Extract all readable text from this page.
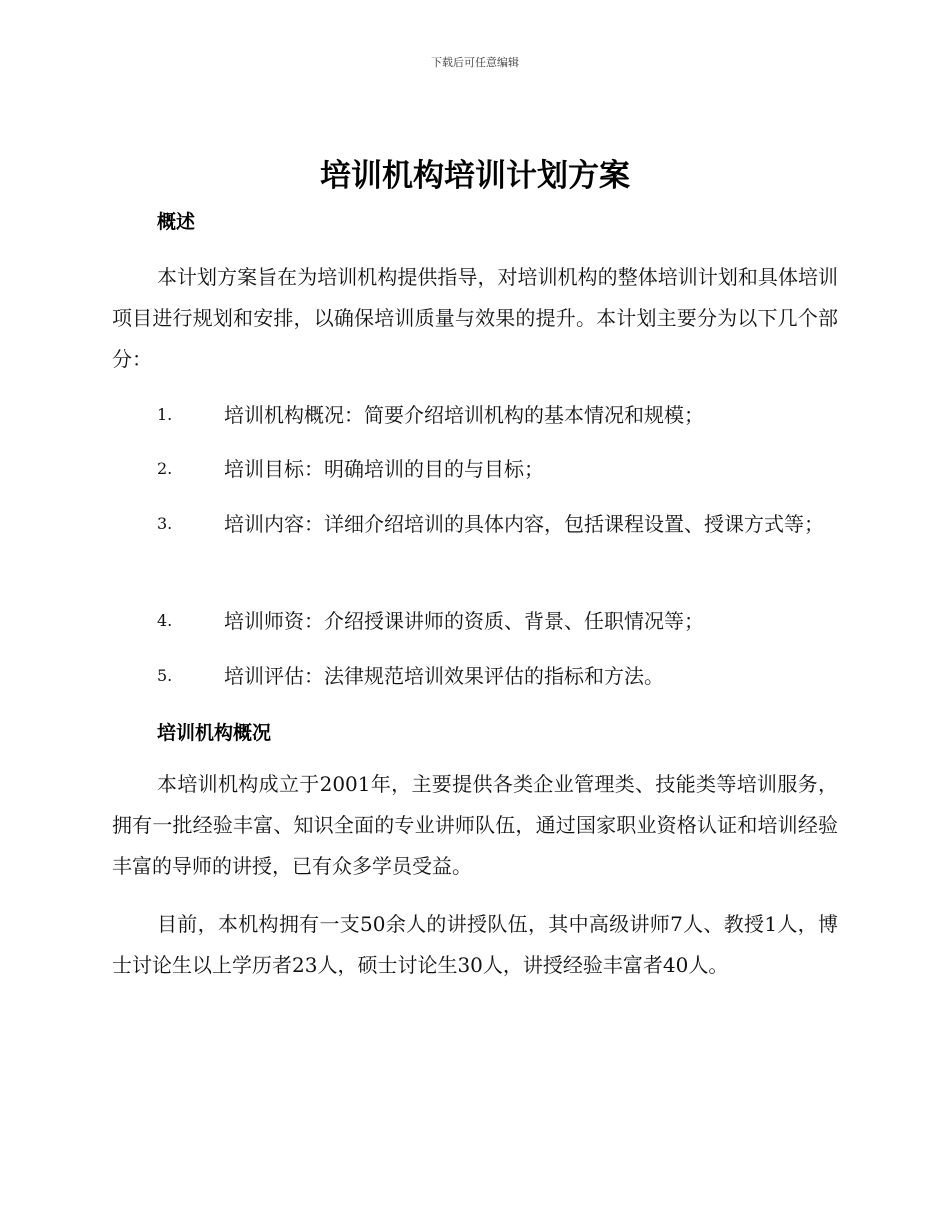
下载后可任意编辑
培训机构培训计划方案
概述
本计划方案旨在为培训机构提供指导，对培训机构的整体培训计划和具体培训项目进行规划和安排，以确保培训质量与效果的提升。本计划主要分为以下几个部分：
1.	培训机构概况：简要介绍培训机构的基本情况和规模；
2.	培训目标：明确培训的目的与目标；
3.	培训内容：详细介绍培训的具体内容，包括课程设置、授课方式等；
4.	培训师资：介绍授课讲师的资质、背景、任职情况等；
5.	培训评估：法律规范培训效果评估的指标和方法。
培训机构概况
本培训机构成立于2001年，主要提供各类企业管理类、技能类等培训服务，拥有一批经验丰富、知识全面的专业讲师队伍，通过国家职业资格认证和培训经验丰富的导师的讲授，已有众多学员受益。
目前，本机构拥有一支50余人的讲授队伍，其中高级讲师7人、教授1人，博士讨论生以上学历者23人，硕士讨论生30人，讲授经验丰富者40人。
